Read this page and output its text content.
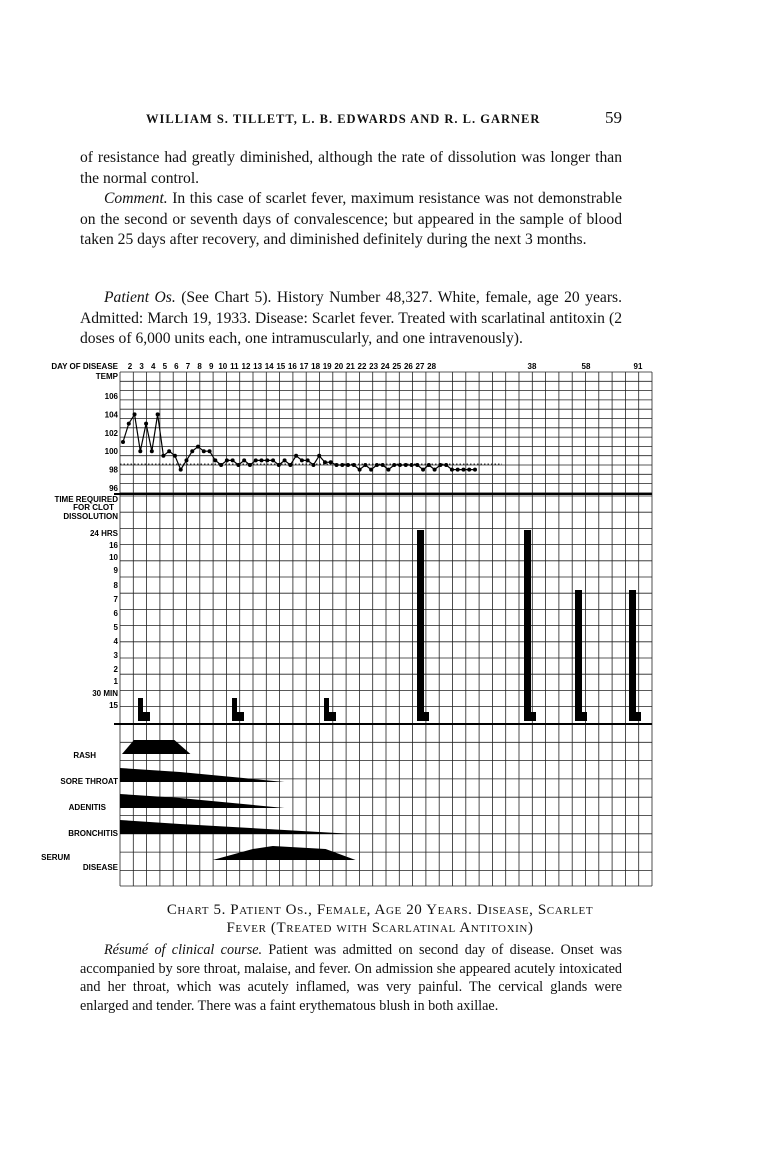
WILLIAM S. TILLETT, L. B. EDWARDS AND R. L. GARNER	59
of resistance had greatly diminished, although the rate of dissolution was longer than the normal control.
Comment. In this case of scarlet fever, maximum resistance was not demonstrable on the second or seventh days of convalescence; but appeared in the sample of blood taken 25 days after recovery, and diminished definitely during the next 3 months.
Patient Os. (See Chart 5). History Number 48,327. White, female, age 20 years. Admitted: March 19, 1933. Disease: Scarlet fever. Treated with scarlatinal antitoxin (2 doses of 6,000 units each, one intramuscularly, and one intravenously).
2 3 4 5 6 7 8 9 10 11 12 13 14 15 16 17 18 19 20 21 22 23 24 25 26 27 28	38	58	91
DAY OF DISEASE
TEMP
106
104
102
100
98
96
TIME REQUIRED
FOR CLOT
DISSOLUTION
24 HRS
16
10
9
8
7
6
5
4
3
2
1
30 MIN
15
RASH
SORE THROAT
ADENITIS
BRONCHITIS
SERUM
DISEASE
Chart 5. Patient Os., Female, Age 20 Years. Disease, Scarlet
Fever (Treated with Scarlatinal Antitoxin)
Résumé of clinical course. Patient was admitted on second day of disease. Onset was accompanied by sore throat, malaise, and fever. On admission she appeared acutely intoxicated and her throat, which was acutely inflamed, was very painful. The cervical glands were enlarged and tender. There was a faint erythematous blush in both axillae.
